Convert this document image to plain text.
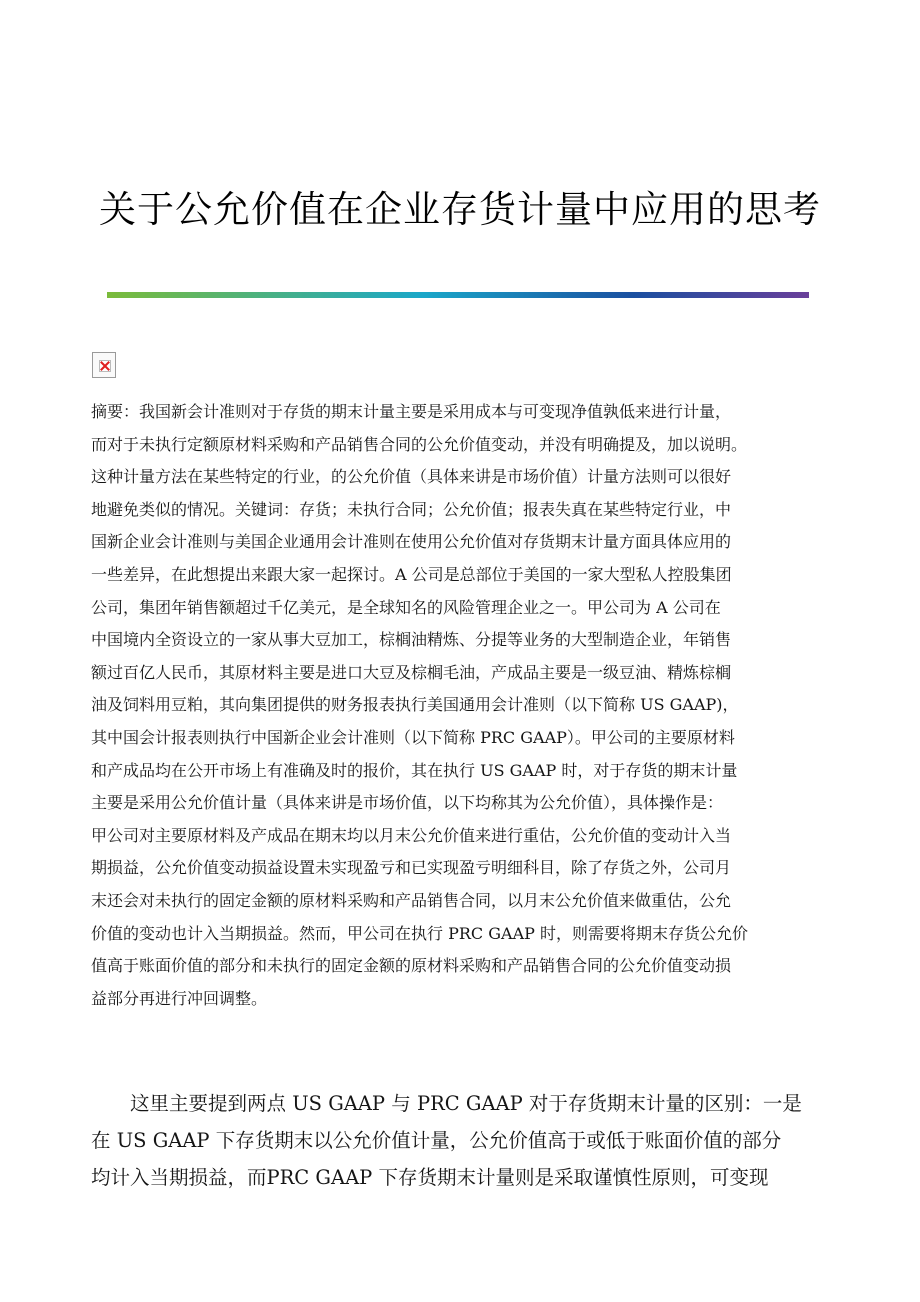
关于公允价值在企业存货计量中应用的思考
摘要：我国新会计准则对于存货的期末计量主要是采用成本与可变现净值孰低来进行计量，
而对于未执行定额原材料采购和产品销售合同的公允价值变动，并没有明确提及，加以说明。
这种计量方法在某些特定的行业，的公允价值（具体来讲是市场价值）计量方法则可以很好
地避免类似的情况。关键词：存货；未执行合同；公允价值；报表失真在某些特定行业，中
国新企业会计准则与美国企业通用会计准则在使用公允价值对存货期末计量方面具体应用的
一些差异，在此想提出来跟大家一起探讨。A 公司是总部位于美国的一家大型私人控股集团
公司，集团年销售额超过千亿美元，是全球知名的风险管理企业之一。甲公司为 A 公司在
中国境内全资设立的一家从事大豆加工，棕榈油精炼、分提等业务的大型制造企业，年销售
额过百亿人民币，其原材料主要是进口大豆及棕榈毛油，产成品主要是一级豆油、精炼棕榈
油及饲料用豆粕，其向集团提供的财务报表执行美国通用会计准则（以下简称 US GAAP)，
其中国会计报表则执行中国新企业会计准则（以下简称 PRC GAAP）。甲公司的主要原材料
和产成品均在公开市场上有准确及时的报价，其在执行 US GAAP 时，对于存货的期末计量
主要是采用公允价值计量（具体来讲是市场价值，以下均称其为公允价值），具体操作是：
甲公司对主要原材料及产成品在期末均以月末公允价值来进行重估，公允价值的变动计入当
期损益，公允价值变动损益设置未实现盈亏和已实现盈亏明细科目，除了存货之外，公司月
末还会对未执行的固定金额的原材料采购和产品销售合同，以月末公允价值来做重估，公允
价值的变动也计入当期损益。然而，甲公司在执行 PRC GAAP 时，则需要将期末存货公允价
值高于账面价值的部分和未执行的固定金额的原材料采购和产品销售合同的公允价值变动损
益部分再进行冲回调整。
　　这里主要提到两点 US GAAP 与 PRC GAAP 对于存货期末计量的区别：一是
在 US GAAP 下存货期末以公允价值计量，公允价值高于或低于账面价值的部分
均计入当期损益，而PRC GAAP 下存货期末计量则是采取谨慎性原则，可变现
